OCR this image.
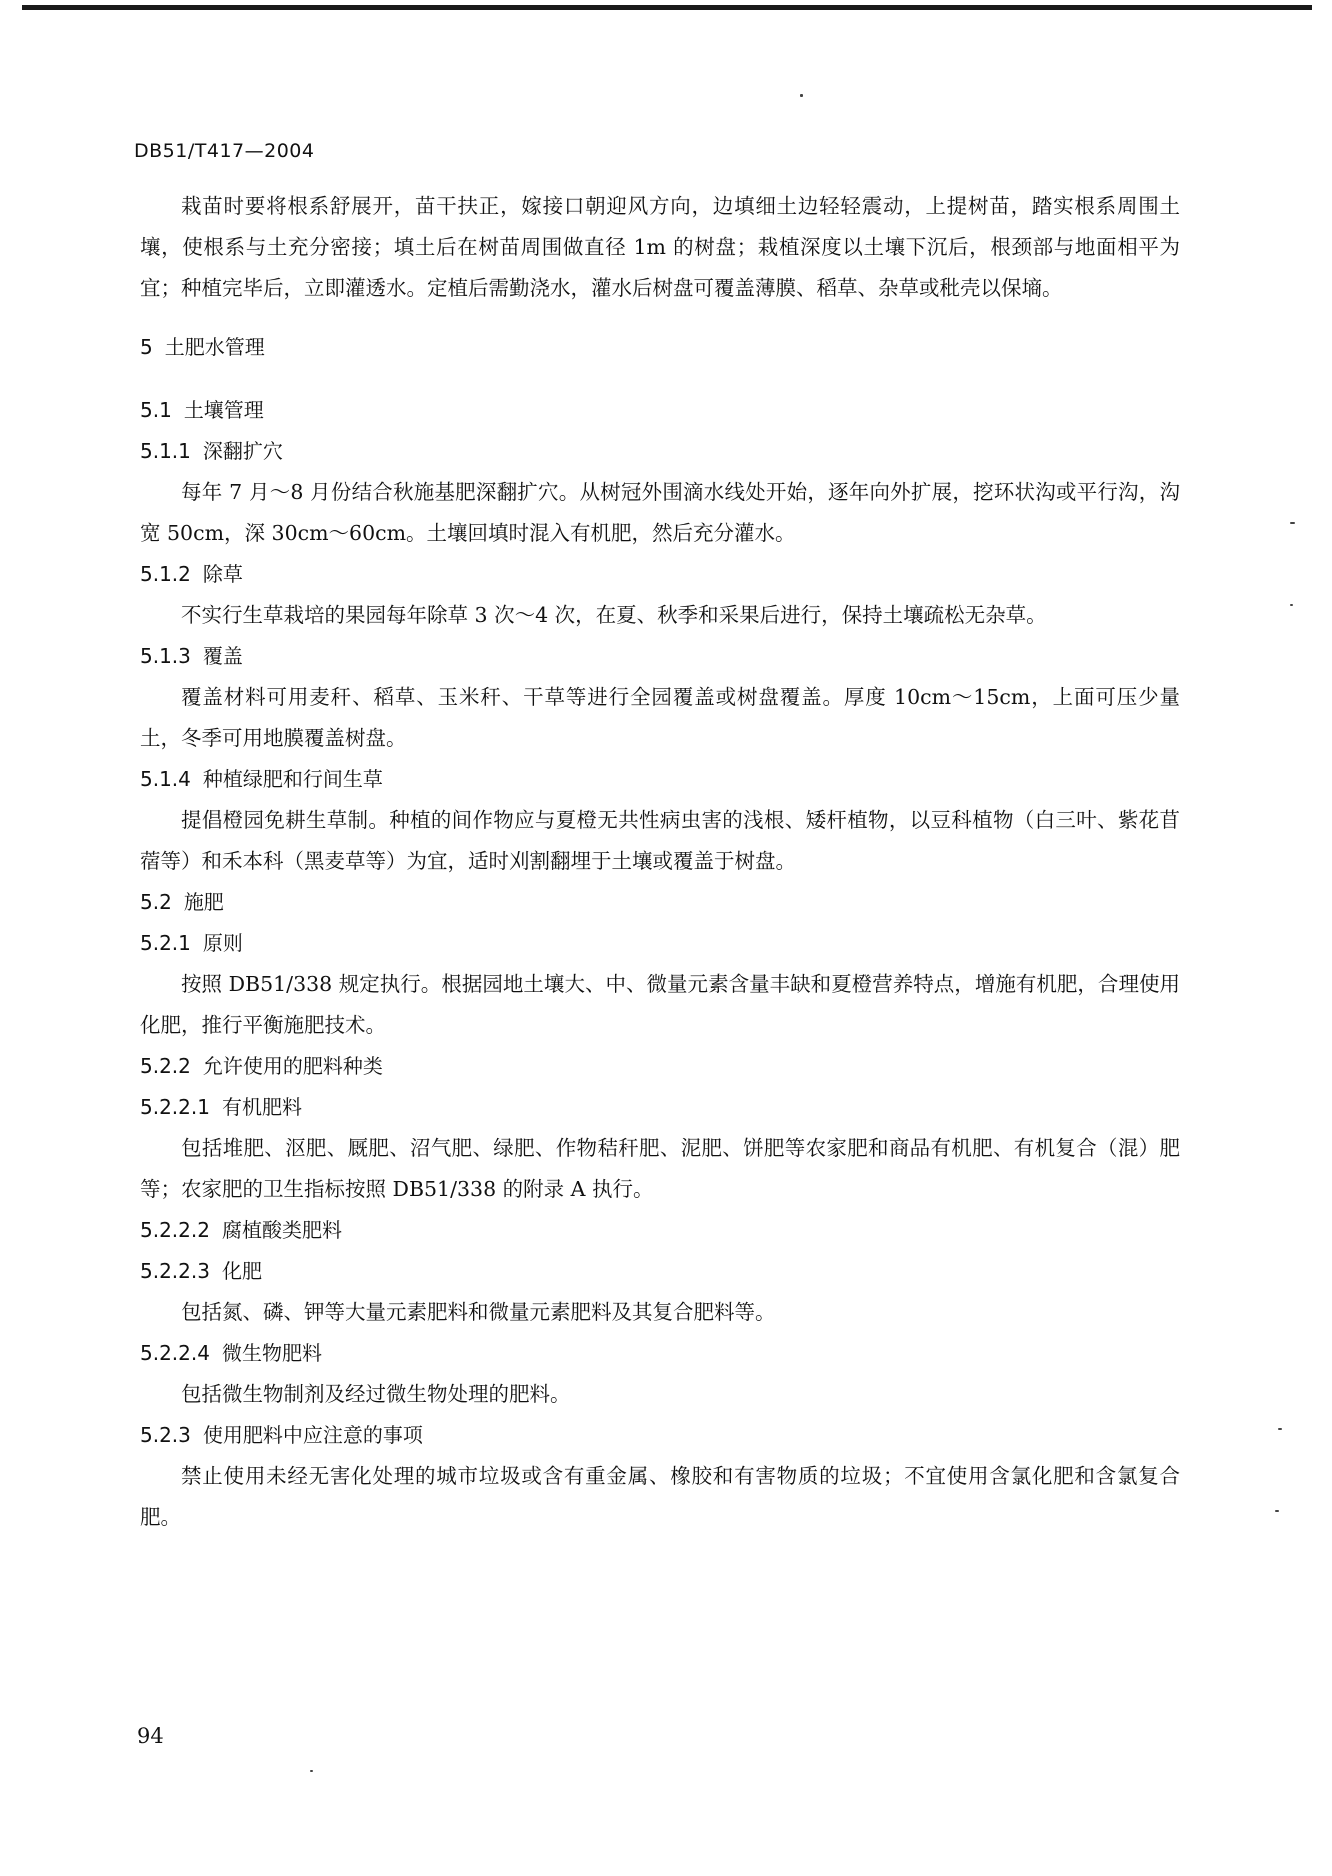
DB51/T417—2004

栽苗时要将根系舒展开，苗干扶正，嫁接口朝迎风方向，边填细土边轻轻震动，上提树苗，踏实根系周围土壤，使根系与土充分密接；填土后在树苗周围做直径 1m 的树盘；栽植深度以土壤下沉后，根颈部与地面相平为宜；种植完毕后，立即灌透水。定植后需勤浇水，灌水后树盘可覆盖薄膜、稻草、杂草或秕壳以保墒。

5 土肥水管理
5.1 土壤管理
5.1.1 深翻扩穴

每年 7 月～8 月份结合秋施基肥深翻扩穴。从树冠外围滴水线处开始，逐年向外扩展，挖环状沟或平行沟，沟宽 50cm，深 30cm～60cm。土壤回填时混入有机肥，然后充分灌水。

5.1.2 除草

不实行生草栽培的果园每年除草 3 次～4 次，在夏、秋季和采果后进行，保持土壤疏松无杂草。

5.1.3 覆盖

覆盖材料可用麦秆、稻草、玉米秆、干草等进行全园覆盖或树盘覆盖。厚度 10cm～15cm，上面可压少量土，冬季可用地膜覆盖树盘。

5.1.4 种植绿肥和行间生草

提倡橙园免耕生草制。种植的间作物应与夏橙无共性病虫害的浅根、矮杆植物，以豆科植物（白三叶、紫花苜蓿等）和禾本科（黑麦草等）为宜，适时刈割翻埋于土壤或覆盖于树盘。

5.2 施肥
5.2.1 原则

按照 DB51/338 规定执行。根据园地土壤大、中、微量元素含量丰缺和夏橙营养特点，增施有机肥，合理使用化肥，推行平衡施肥技术。

5.2.2 允许使用的肥料种类
5.2.2.1 有机肥料

包括堆肥、沤肥、厩肥、沼气肥、绿肥、作物秸秆肥、泥肥、饼肥等农家肥和商品有机肥、有机复合（混）肥等；农家肥的卫生指标按照 DB51/338 的附录 A 执行。

5.2.2.2 腐植酸类肥料
5.2.2.3 化肥

包括氮、磷、钾等大量元素肥料和微量元素肥料及其复合肥料等。

5.2.2.4 微生物肥料

包括微生物制剂及经过微生物处理的肥料。

5.2.3 使用肥料中应注意的事项

禁止使用未经无害化处理的城市垃圾或含有重金属、橡胶和有害物质的垃圾；不宜使用含氯化肥和含氯复合肥。

94
